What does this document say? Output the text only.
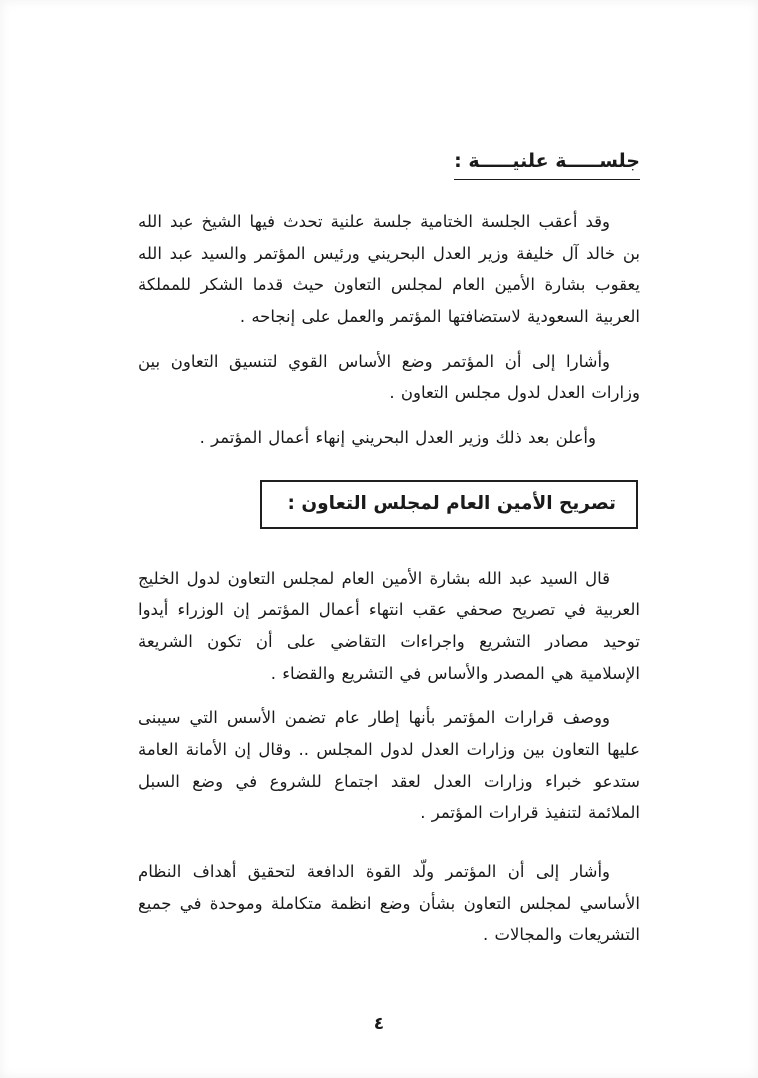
جلســـــة علنيـــــة :

وقد أعقب الجلسة الختامية جلسة علنية تحدث فيها الشيخ عبد الله بن خالد آل خليفة وزير العدل البحريني ورئيس المؤتمر والسيد عبد الله يعقوب بشارة الأمين العام لمجلس التعاون حيث قدما الشكر للمملكة العربية السعودية لاستضافتها المؤتمر والعمل على إنجاحه .

وأشارا إلى أن المؤتمر وضع الأساس القوي لتنسيق التعاون بين وزارات العدل لدول مجلس التعاون .

وأعلن بعد ذلك وزير العدل البحريني إنهاء أعمال المؤتمر .

تصريح الأمين العام لمجلس التعاون :

قال السيد عبد الله بشارة الأمين العام لمجلس التعاون لدول الخليج العربية في تصريح صحفي عقب انتهاء أعمال المؤتمر إن الوزراء أيدوا توحيد مصادر التشريع واجراءات التقاضي على أن تكون الشريعة الإسلامية هي المصدر والأساس في التشريع والقضاء .

ووصف قرارات المؤتمر بأنها إطار عام تضمن الأسس التي سيبنى عليها التعاون بين وزارات العدل لدول المجلس .. وقال إن الأمانة العامة ستدعو خبراء وزارات العدل لعقد اجتماع للشروع في وضع السبل الملائمة لتنفيذ قرارات المؤتمر .

وأشار إلى أن المؤتمر ولّد القوة الدافعة لتحقيق أهداف النظام الأساسي لمجلس التعاون بشأن وضع انظمة متكاملة وموحدة في جميع التشريعات والمجالات .

٤
